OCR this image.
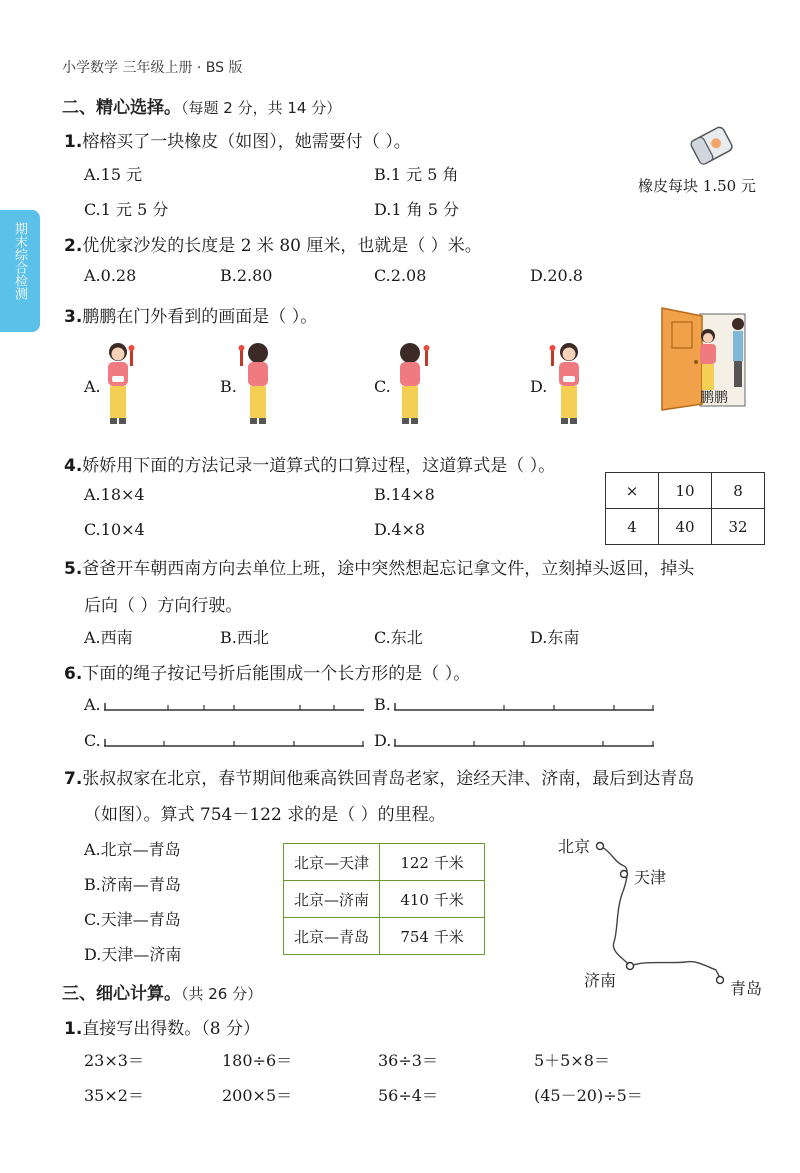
小学数学 三年级上册 · BS 版
期末综合检测
二、精心选择。（每题 2 分，共 14 分）
1.榕榕买了一块橡皮（如图），她需要付（ ）。
A.15 元	B.1 元 5 角
C.1 元 5 分	D.1 角 5 分
橡皮每块 1.50 元
2.优优家沙发的长度是 2 米 80 厘米，也就是（ ）米。
A.0.28	B.2.80	C.2.08	D.20.8
3.鹏鹏在门外看到的画面是（ ）。
A.	B.	C.	D.
鹏鹏
4.娇娇用下面的方法记录一道算式的口算过程，这道算式是（ ）。
A.18×4	B.14×8
C.10×4	D.4×8
×	10	8
4	40	32
5.爸爸开车朝西南方向去单位上班，途中突然想起忘记拿文件，立刻掉头返回，掉头
后向（ ）方向行驶。
A.西南	B.西北	C.东北	D.东南
6.下面的绳子按记号折后能围成一个长方形的是（ ）。
A.	B.
C.	D.
7.张叔叔家在北京，春节期间他乘高铁回青岛老家，途经天津、济南，最后到达青岛
（如图）。算式 754－122 求的是（ ）的里程。
A.北京—青岛
B.济南—青岛
C.天津—青岛
D.天津—济南
北京—天津	122 千米
北京—济南	410 千米
北京—青岛	754 千米
北京
天津
济南	青岛
三、细心计算。（共 26 分）
1.直接写出得数。（8 分）
23×3＝	180÷6＝	36÷3＝	5＋5×8＝
35×2＝	200×5＝	56÷4＝	(45－20)÷5＝
